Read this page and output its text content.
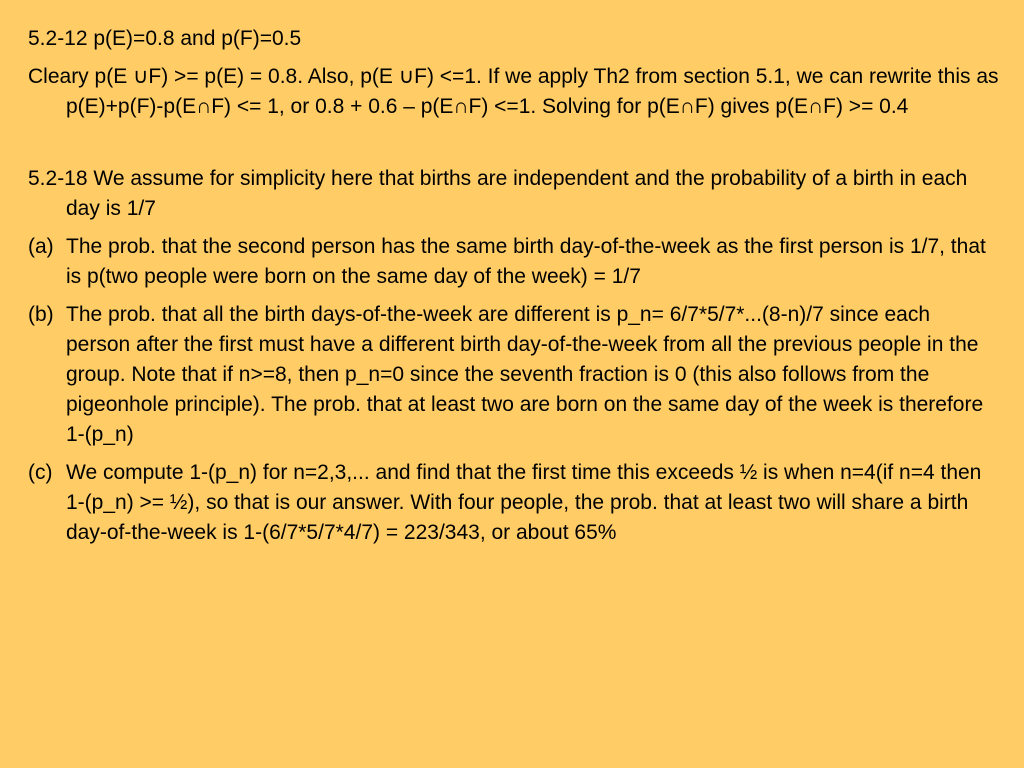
5.2-12 p(E)=0.8 and p(F)=0.5

Cleary p(E ∪F) >= p(E) = 0.8. Also, p(E ∪F) <=1. If we apply Th2 from section 5.1, we can rewrite this as p(E)+p(F)-p(E∩F) <= 1, or 0.8 + 0.6 – p(E∩F) <=1. Solving for p(E∩F) gives p(E∩F) >= 0.4

5.2-18 We assume for simplicity here that births are independent and the probability of a birth in each day is 1/7

(a) The prob. that the second person has the same birth day-of-the-week as the first person is 1/7, that is p(two people were born on the same day of the week) = 1/7
(b) The prob. that all the birth days-of-the-week are different is p_n= 6/7*5/7*...(8-n)/7 since each person after the first must have a different birth day-of-the-week from all the previous people in the group. Note that if n>=8, then p_n=0 since the seventh fraction is 0 (this also follows from the pigeonhole principle). The prob. that at least two are born on the same day of the week is therefore 1-(p_n)
(c) We compute 1-(p_n) for n=2,3,... and find that the first time this exceeds ½ is when n=4(if n=4 then 1-(p_n) >= ½), so that is our answer. With four people, the prob. that at least two will share a birth day-of-the-week is 1-(6/7*5/7*4/7) = 223/343, or about 65%
